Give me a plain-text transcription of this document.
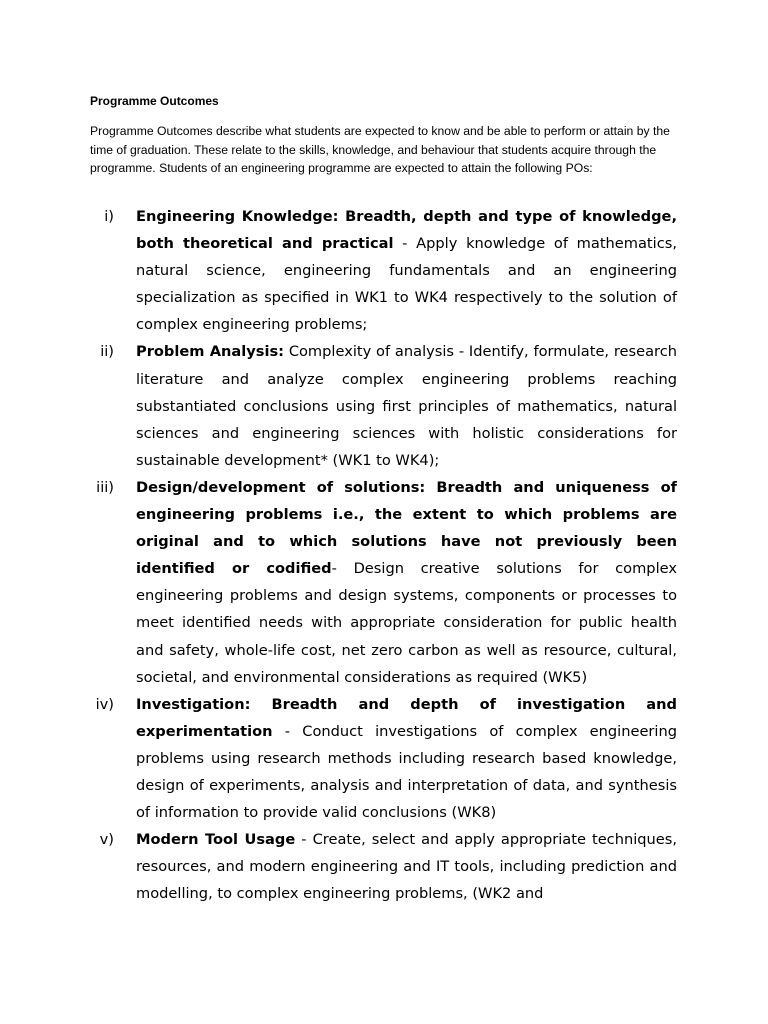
Programme Outcomes

Programme Outcomes describe what students are expected to know and be able to perform or attain by the time of graduation. These relate to the skills, knowledge, and behaviour that students acquire through the programme. Students of an engineering programme are expected to attain the following POs:

i) Engineering Knowledge: Breadth, depth and type of knowledge, both theoretical and practical - Apply knowledge of mathematics, natural science, engineering fundamentals and an engineering specialization as specified in WK1 to WK4 respectively to the solution of complex engineering problems;
ii) Problem Analysis: Complexity of analysis - Identify, formulate, research literature and analyze complex engineering problems reaching substantiated conclusions using first principles of mathematics, natural sciences and engineering sciences with holistic considerations for sustainable development* (WK1 to WK4);
iii) Design/development of solutions: Breadth and uniqueness of engineering problems i.e., the extent to which problems are original and to which solutions have not previously been identified or codified- Design creative solutions for complex engineering problems and design systems, components or processes to meet identified needs with appropriate consideration for public health and safety, whole-life cost, net zero carbon as well as resource, cultural, societal, and environmental considerations as required (WK5)
iv) Investigation: Breadth and depth of investigation and experimentation - Conduct investigations of complex engineering problems using research methods including research based knowledge, design of experiments, analysis and interpretation of data, and synthesis of information to provide valid conclusions (WK8)
v) Modern Tool Usage - Create, select and apply appropriate techniques, resources, and modern engineering and IT tools, including prediction and modelling, to complex engineering problems, (WK2 and
